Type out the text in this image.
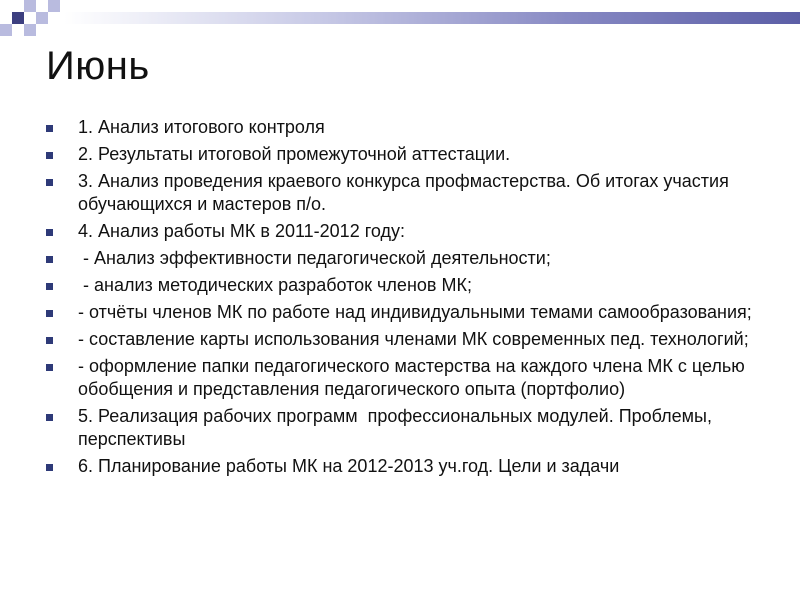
Июнь
1. Анализ итогового контроля
2. Результаты итоговой промежуточной аттестации.
3. Анализ проведения краевого конкурса профмастерства. Об итогах участия обучающихся и мастеров п/о.
4. Анализ работы МК в 2011-2012 году:
- Анализ эффективности педагогической деятельности;
- анализ методических разработок членов МК;
- отчёты членов МК по работе над индивидуальными темами самообразования;
- составление карты использования членами МК современных пед. технологий;
- оформление папки педагогического мастерства на каждого члена МК с целью обобщения и представления педагогического опыта (портфолио)
5. Реализация рабочих программ  профессиональных модулей. Проблемы, перспективы
6. Планирование работы МК на 2012-2013 уч.год. Цели и задачи
